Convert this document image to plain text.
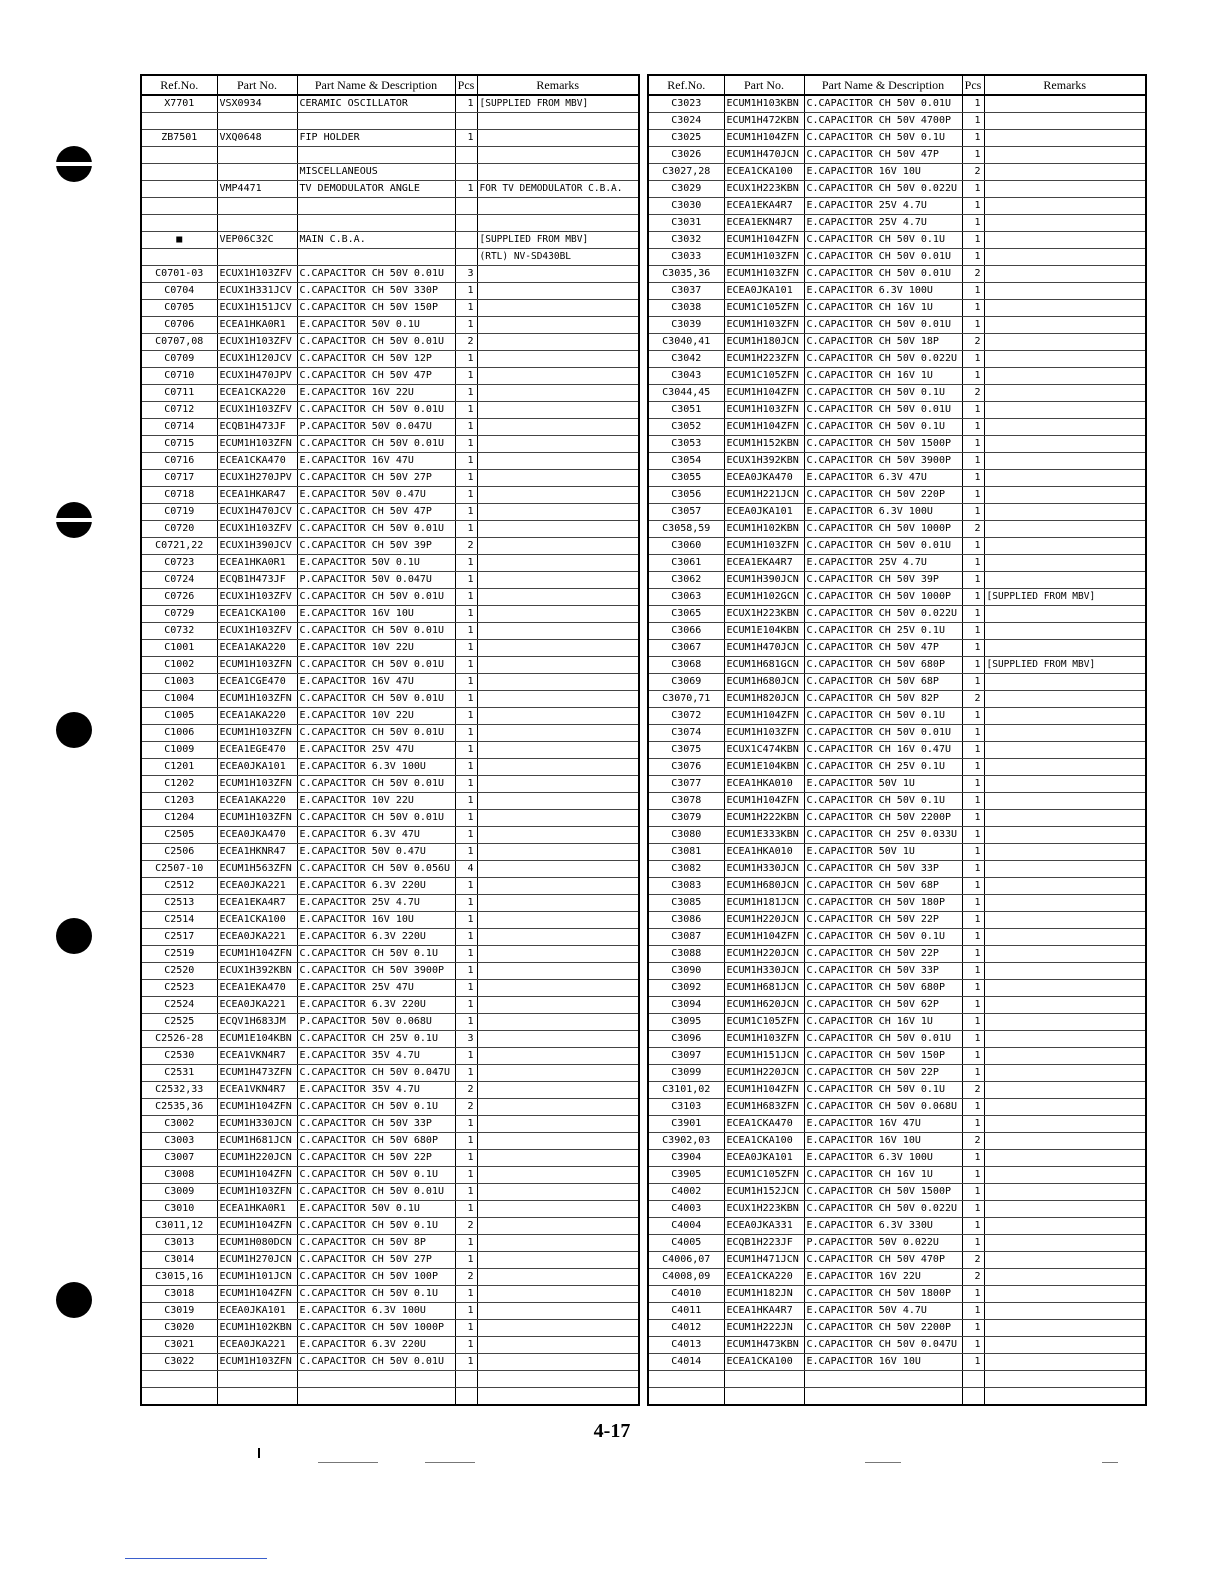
Ref.No.	Part No.	Part Name & Description	Pcs	Remarks
X7701	VSX0934	CERAMIC OSCILLATOR	1	[SUPPLIED FROM MBV]

ZB7501	VXQ0648	FIP HOLDER	1	

		MISCELLANEOUS		
	VMP4471	TV DEMODULATOR ANGLE	1	FOR TV DEMODULATOR C.B.A.

■	VEP06C32C	MAIN C.B.A.		[SUPPLIED FROM MBV]
				(RTL) NV-SD430BL
C0701-03	ECUX1H103ZFV	C.CAPACITOR CH 50V 0.01U	3	
C0704	ECUX1H331JCV	C.CAPACITOR CH 50V 330P	1	
C0705	ECUX1H151JCV	C.CAPACITOR CH 50V 150P	1	
C0706	ECEA1HKA0R1	E.CAPACITOR 50V 0.1U	1	
C0707,08	ECUX1H103ZFV	C.CAPACITOR CH 50V 0.01U	2	
C0709	ECUX1H120JCV	C.CAPACITOR CH 50V 12P	1	
C0710	ECUX1H470JPV	C.CAPACITOR CH 50V 47P	1	
C0711	ECEA1CKA220	E.CAPACITOR 16V 22U	1	
C0712	ECUX1H103ZFV	C.CAPACITOR CH 50V 0.01U	1	
C0714	ECQB1H473JF	P.CAPACITOR 50V 0.047U	1	
C0715	ECUM1H103ZFN	C.CAPACITOR CH 50V 0.01U	1	
C0716	ECEA1CKA470	E.CAPACITOR 16V 47U	1	
C0717	ECUX1H270JPV	C.CAPACITOR CH 50V 27P	1	
C0718	ECEA1HKAR47	E.CAPACITOR 50V 0.47U	1	
C0719	ECUX1H470JCV	C.CAPACITOR CH 50V 47P	1	
C0720	ECUX1H103ZFV	C.CAPACITOR CH 50V 0.01U	1	
C0721,22	ECUX1H390JCV	C.CAPACITOR CH 50V 39P	2	
C0723	ECEA1HKA0R1	E.CAPACITOR 50V 0.1U	1	
C0724	ECQB1H473JF	P.CAPACITOR 50V 0.047U	1	
C0726	ECUX1H103ZFV	C.CAPACITOR CH 50V 0.01U	1	
C0729	ECEA1CKA100	E.CAPACITOR 16V 10U	1	
C0732	ECUX1H103ZFV	C.CAPACITOR CH 50V 0.01U	1	
C1001	ECEA1AKA220	E.CAPACITOR 10V 22U	1	
C1002	ECUM1H103ZFN	C.CAPACITOR CH 50V 0.01U	1	
C1003	ECEA1CGE470	E.CAPACITOR 16V 47U	1	
C1004	ECUM1H103ZFN	C.CAPACITOR CH 50V 0.01U	1	
C1005	ECEA1AKA220	E.CAPACITOR 10V 22U	1	
C1006	ECUM1H103ZFN	C.CAPACITOR CH 50V 0.01U	1	
C1009	ECEA1EGE470	E.CAPACITOR 25V 47U	1	
C1201	ECEA0JKA101	E.CAPACITOR 6.3V 100U	1	
C1202	ECUM1H103ZFN	C.CAPACITOR CH 50V 0.01U	1	
C1203	ECEA1AKA220	E.CAPACITOR 10V 22U	1	
C1204	ECUM1H103ZFN	C.CAPACITOR CH 50V 0.01U	1	
C2505	ECEA0JKA470	E.CAPACITOR 6.3V 47U	1	
C2506	ECEA1HKNR47	E.CAPACITOR 50V 0.47U	1	
C2507-10	ECUM1H563ZFN	C.CAPACITOR CH 50V 0.056U	4	
C2512	ECEA0JKA221	E.CAPACITOR 6.3V 220U	1	
C2513	ECEA1EKA4R7	E.CAPACITOR 25V 4.7U	1	
C2514	ECEA1CKA100	E.CAPACITOR 16V 10U	1	
C2517	ECEA0JKA221	E.CAPACITOR 6.3V 220U	1	
C2519	ECUM1H104ZFN	C.CAPACITOR CH 50V 0.1U	1	
C2520	ECUX1H392KBN	C.CAPACITOR CH 50V 3900P	1	
C2523	ECEA1EKA470	E.CAPACITOR 25V 47U	1	
C2524	ECEA0JKA221	E.CAPACITOR 6.3V 220U	1	
C2525	ECQV1H683JM	P.CAPACITOR 50V 0.068U	1	
C2526-28	ECUM1E104KBN	C.CAPACITOR CH 25V 0.1U	3	
C2530	ECEA1VKN4R7	E.CAPACITOR 35V 4.7U	1	
C2531	ECUM1H473ZFN	C.CAPACITOR CH 50V 0.047U	1	
C2532,33	ECEA1VKN4R7	E.CAPACITOR 35V 4.7U	2	
C2535,36	ECUM1H104ZFN	C.CAPACITOR CH 50V 0.1U	2	
C3002	ECUM1H330JCN	C.CAPACITOR CH 50V 33P	1	
C3003	ECUM1H681JCN	C.CAPACITOR CH 50V 680P	1	
C3007	ECUM1H220JCN	C.CAPACITOR CH 50V 22P	1	
C3008	ECUM1H104ZFN	C.CAPACITOR CH 50V 0.1U	1	
C3009	ECUM1H103ZFN	C.CAPACITOR CH 50V 0.01U	1	
C3010	ECEA1HKA0R1	E.CAPACITOR 50V 0.1U	1	
C3011,12	ECUM1H104ZFN	C.CAPACITOR CH 50V 0.1U	2	
C3013	ECUM1H080DCN	C.CAPACITOR CH 50V 8P	1	
C3014	ECUM1H270JCN	C.CAPACITOR CH 50V 27P	1	
C3015,16	ECUM1H101JCN	C.CAPACITOR CH 50V 100P	2	
C3018	ECUM1H104ZFN	C.CAPACITOR CH 50V 0.1U	1	
C3019	ECEA0JKA101	E.CAPACITOR 6.3V 100U	1	
C3020	ECUM1H102KBN	C.CAPACITOR CH 50V 1000P	1	
C3021	ECEA0JKA221	E.CAPACITOR 6.3V 220U	1	
C3022	ECUM1H103ZFN	C.CAPACITOR CH 50V 0.01U	1	

Ref.No.	Part No.	Part Name & Description	Pcs	Remarks
C3023	ECUM1H103KBN	C.CAPACITOR CH 50V 0.01U	1	
C3024	ECUM1H472KBN	C.CAPACITOR CH 50V 4700P	1	
C3025	ECUM1H104ZFN	C.CAPACITOR CH 50V 0.1U	1	
C3026	ECUM1H470JCN	C.CAPACITOR CH 50V 47P	1	
C3027,28	ECEA1CKA100	E.CAPACITOR 16V 10U	2	
C3029	ECUX1H223KBN	C.CAPACITOR CH 50V 0.022U	1	
C3030	ECEA1EKA4R7	E.CAPACITOR 25V 4.7U	1	
C3031	ECEA1EKN4R7	E.CAPACITOR 25V 4.7U	1	
C3032	ECUM1H104ZFN	C.CAPACITOR CH 50V 0.1U	1	
C3033	ECUM1H103ZFN	C.CAPACITOR CH 50V 0.01U	1	
C3035,36	ECUM1H103ZFN	C.CAPACITOR CH 50V 0.01U	2	
C3037	ECEA0JKA101	E.CAPACITOR 6.3V 100U	1	
C3038	ECUM1C105ZFN	C.CAPACITOR CH 16V 1U	1	
C3039	ECUM1H103ZFN	C.CAPACITOR CH 50V 0.01U	1	
C3040,41	ECUM1H180JCN	C.CAPACITOR CH 50V 18P	2	
C3042	ECUM1H223ZFN	C.CAPACITOR CH 50V 0.022U	1	
C3043	ECUM1C105ZFN	C.CAPACITOR CH 16V 1U	1	
C3044,45	ECUM1H104ZFN	C.CAPACITOR CH 50V 0.1U	2	
C3051	ECUM1H103ZFN	C.CAPACITOR CH 50V 0.01U	1	
C3052	ECUM1H104ZFN	C.CAPACITOR CH 50V 0.1U	1	
C3053	ECUM1H152KBN	C.CAPACITOR CH 50V 1500P	1	
C3054	ECUX1H392KBN	C.CAPACITOR CH 50V 3900P	1	
C3055	ECEA0JKA470	E.CAPACITOR 6.3V 47U	1	
C3056	ECUM1H221JCN	C.CAPACITOR CH 50V 220P	1	
C3057	ECEA0JKA101	E.CAPACITOR 6.3V 100U	1	
C3058,59	ECUM1H102KBN	C.CAPACITOR CH 50V 1000P	2	
C3060	ECUM1H103ZFN	C.CAPACITOR CH 50V 0.01U	1	
C3061	ECEA1EKA4R7	E.CAPACITOR 25V 4.7U	1	
C3062	ECUM1H390JCN	C.CAPACITOR CH 50V 39P	1	
C3063	ECUM1H102GCN	C.CAPACITOR CH 50V 1000P	1	[SUPPLIED FROM MBV]
C3065	ECUX1H223KBN	C.CAPACITOR CH 50V 0.022U	1	
C3066	ECUM1E104KBN	C.CAPACITOR CH 25V 0.1U	1	
C3067	ECUM1H470JCN	C.CAPACITOR CH 50V 47P	1	
C3068	ECUM1H681GCN	C.CAPACITOR CH 50V 680P	1	[SUPPLIED FROM MBV]
C3069	ECUM1H680JCN	C.CAPACITOR CH 50V 68P	1	
C3070,71	ECUM1H820JCN	C.CAPACITOR CH 50V 82P	2	
C3072	ECUM1H104ZFN	C.CAPACITOR CH 50V 0.1U	1	
C3074	ECUM1H103ZFN	C.CAPACITOR CH 50V 0.01U	1	
C3075	ECUX1C474KBN	C.CAPACITOR CH 16V 0.47U	1	
C3076	ECUM1E104KBN	C.CAPACITOR CH 25V 0.1U	1	
C3077	ECEA1HKA010	E.CAPACITOR 50V 1U	1	
C3078	ECUM1H104ZFN	C.CAPACITOR CH 50V 0.1U	1	
C3079	ECUM1H222KBN	C.CAPACITOR CH 50V 2200P	1	
C3080	ECUM1E333KBN	C.CAPACITOR CH 25V 0.033U	1	
C3081	ECEA1HKA010	E.CAPACITOR 50V 1U	1	
C3082	ECUM1H330JCN	C.CAPACITOR CH 50V 33P	1	
C3083	ECUM1H680JCN	C.CAPACITOR CH 50V 68P	1	
C3085	ECUM1H181JCN	C.CAPACITOR CH 50V 180P	1	
C3086	ECUM1H220JCN	C.CAPACITOR CH 50V 22P	1	
C3087	ECUM1H104ZFN	C.CAPACITOR CH 50V 0.1U	1	
C3088	ECUM1H220JCN	C.CAPACITOR CH 50V 22P	1	
C3090	ECUM1H330JCN	C.CAPACITOR CH 50V 33P	1	
C3092	ECUM1H681JCN	C.CAPACITOR CH 50V 680P	1	
C3094	ECUM1H620JCN	C.CAPACITOR CH 50V 62P	1	
C3095	ECUM1C105ZFN	C.CAPACITOR CH 16V 1U	1	
C3096	ECUM1H103ZFN	C.CAPACITOR CH 50V 0.01U	1	
C3097	ECUM1H151JCN	C.CAPACITOR CH 50V 150P	1	
C3099	ECUM1H220JCN	C.CAPACITOR CH 50V 22P	1	
C3101,02	ECUM1H104ZFN	C.CAPACITOR CH 50V 0.1U	2	
C3103	ECUM1H683ZFN	C.CAPACITOR CH 50V 0.068U	1	
C3901	ECEA1CKA470	E.CAPACITOR 16V 47U	1	
C3902,03	ECEA1CKA100	E.CAPACITOR 16V 10U	2	
C3904	ECEA0JKA101	E.CAPACITOR 6.3V 100U	1	
C3905	ECUM1C105ZFN	C.CAPACITOR CH 16V 1U	1	
C4002	ECUM1H152JCN	C.CAPACITOR CH 50V 1500P	1	
C4003	ECUX1H223KBN	C.CAPACITOR CH 50V 0.022U	1	
C4004	ECEA0JKA331	E.CAPACITOR 6.3V 330U	1	
C4005	ECQB1H223JF	P.CAPACITOR 50V 0.022U	1	
C4006,07	ECUM1H471JCN	C.CAPACITOR CH 50V 470P	2	
C4008,09	ECEA1CKA220	E.CAPACITOR 16V 22U	2	
C4010	ECUM1H182JN	C.CAPACITOR CH 50V 1800P	1	
C4011	ECEA1HKA4R7	E.CAPACITOR 50V 4.7U	1	
C4012	ECUM1H222JN	C.CAPACITOR CH 50V 2200P	1	
C4013	ECUM1H473KBN	C.CAPACITOR CH 50V 0.047U	1	
C4014	ECEA1CKA100	E.CAPACITOR 16V 10U	1	

4-17
